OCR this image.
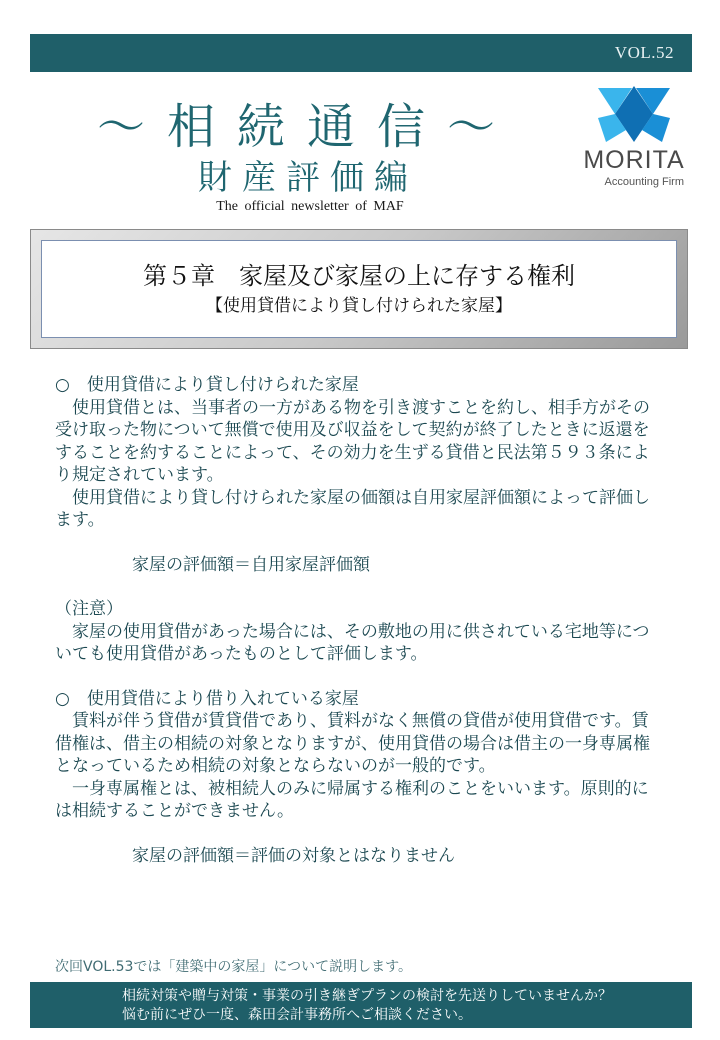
VOL.52
～相続通信～
財産評価編
The official newsletter of MAF
MORITA
Accounting Firm
第５章　家屋及び家屋の上に存する権利
【使用貸借により貸し付けられた家屋】

○　使用貸借により貸し付けられた家屋

使用貸借とは、当事者の一方がある物を引き渡すことを約し、相手方がその受け取った物について無償で使用及び収益をして契約が終了したときに返還をすることを約することによって、その効力を生ずる貸借と民法第５９３条により規定されています。

使用貸借により貸し付けられた家屋の価額は自用家屋評価額によって評価します。

家屋の評価額＝自用家屋評価額

（注意）

家屋の使用貸借があった場合には、その敷地の用に供されている宅地等についても使用貸借があったものとして評価します。

○　使用貸借により借り入れている家屋

賃料が伴う貸借が賃貸借であり、賃料がなく無償の貸借が使用貸借です。賃借権は、借主の相続の対象となりますが、使用貸借の場合は借主の一身専属権となっているため相続の対象とならないのが一般的です。

一身専属権とは、被相続人のみに帰属する権利のことをいいます。原則的には相続することができません。

家屋の評価額＝評価の対象とはなりません

次回VOL.53では「建築中の家屋」について説明します。
相続対策や贈与対策・事業の引き継ぎプランの検討を先送りしていませんか？
悩む前にぜひ一度、森田会計事務所へご相談ください。
